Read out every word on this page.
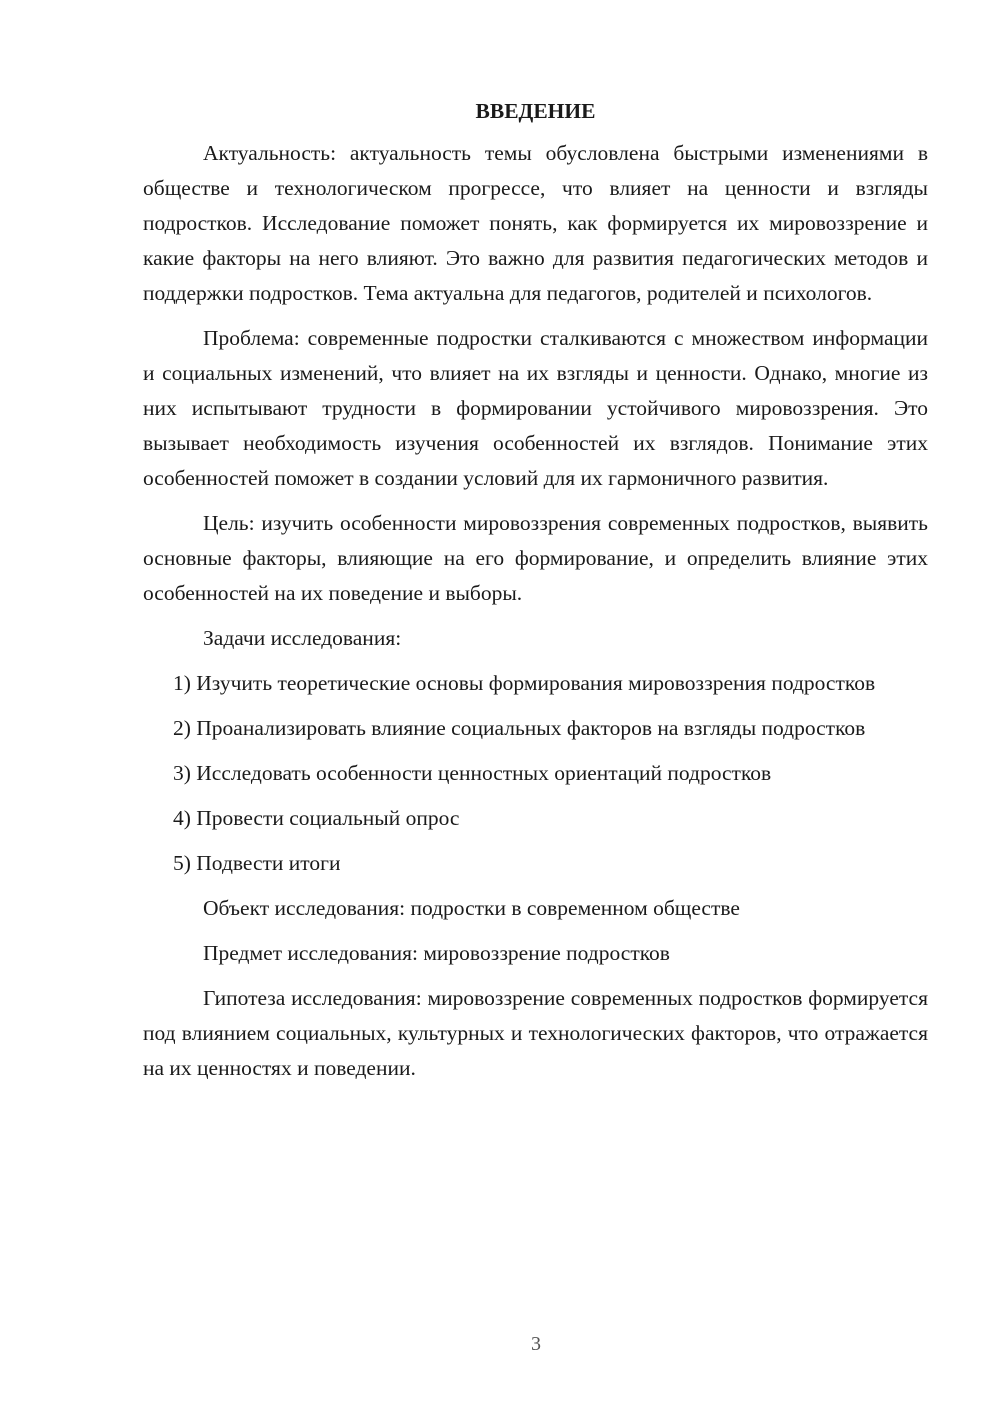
ВВЕДЕНИЕ

Актуальность: актуальность темы обусловлена быстрыми изменениями в обществе и технологическом прогрессе, что влияет на ценности и взгляды подростков. Исследование поможет понять, как формируется их мировоззрение и какие факторы на него влияют. Это важно для развития педагогических методов и поддержки подростков. Тема актуальна для педагогов, родителей и психологов.

Проблема: современные подростки сталкиваются с множеством информации и социальных изменений, что влияет на их взгляды и ценности. Однако, многие из них испытывают трудности в формировании устойчивого мировоззрения. Это вызывает необходимость изучения особенностей их взглядов. Понимание этих особенностей поможет в создании условий для их гармоничного развития.

Цель: изучить особенности мировоззрения современных подростков, выявить основные факторы, влияющие на его формирование, и определить влияние этих особенностей на их поведение и выборы.

Задачи исследования:

1) Изучить теоретические основы формирования мировоззрения подростков

2) Проанализировать влияние социальных факторов на взгляды подростков

3) Исследовать особенности ценностных ориентаций подростков

4) Провести социальный опрос

5) Подвести итоги

Объект исследования: подростки в современном обществе

Предмет исследования: мировоззрение подростков

Гипотеза исследования: мировоззрение современных подростков формируется под влиянием социальных, культурных и технологических факторов, что отражается на их ценностях и поведении.

3
